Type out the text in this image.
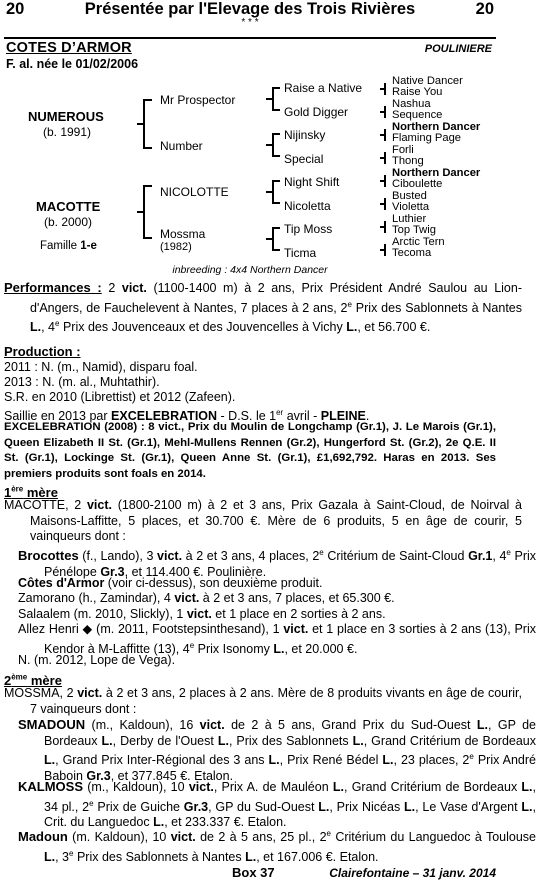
20	Présentée par l'Elevage des Trois Rivières	20
* * *
COTES D’ARMOR
F. al. née le 01/02/2006
POULINIERE
NUMEROUS
(b. 1991)
MACOTTE
(b. 2000)
Famille 1-e
Mr Prospector
Number
NICOLOTTE
Mossma
(1982)
Raise a Native
Gold Digger
Nijinsky
Special
Night Shift
Nicoletta
Tip Moss
Ticma
Native Dancer
Raise You
Nashua
Sequence
Northern Dancer
Flaming Page
Forli
Thong
Northern Dancer
Ciboulette
Busted
Violetta
Luthier
Top Twig
Arctic Tern
Tecoma
inbreeding : 4x4 Northern Dancer
Performances : 2 vict. (1100-1400 m) à 2 ans, Prix Président André Saulou au Lion-d'Angers, de Fauchelevent à Nantes, 7 places à 2 ans, 2e Prix des Sablonnets à Nantes L., 4e Prix des Jouvenceaux et des Jouvencelles à Vichy L., et 56.700 €.
Production :
2011 : N. (m., Namid), disparu foal.
2013 : N. (m. al., Muhtathir).
S.R. en 2010 (Librettist) et 2012 (Zafeen).
Saillie en 2013 par EXCELEBRATION - D.S. le 1er avril - PLEINE.
EXCELEBRATION (2008) : 8 vict., Prix du Moulin de Longchamp (Gr.1), J. Le Marois (Gr.1), Queen Elizabeth II St. (Gr.1), Mehl-Mullens Rennen (Gr.2), Hungerford St. (Gr.2), 2e Q.E. II St. (Gr.1), Lockinge St. (Gr.1), Queen Anne St. (Gr.1), £1,692,792. Haras en 2013. Ses premiers produits sont foals en 2014.
1ère mère
MACOTTE, 2 vict. (1800-2100 m) à 2 et 3 ans, Prix Gazala à Saint-Cloud, de Noirval à Maisons-Laffitte, 5 places, et 30.700 €. Mère de 6 produits, 5 en âge de courir, 5 vainqueurs dont :
Brocottes (f., Lando), 3 vict. à 2 et 3 ans, 4 places, 2e Critérium de Saint-Cloud Gr.1, 4e Prix Pénélope Gr.3, et 114.400 €. Poulinière.
Côtes d'Armor (voir ci-dessus), son deuxième produit.
Zamorano (h., Zamindar), 4 vict. à 2 et 3 ans, 7 places, et 65.300 €.
Salaalem (m. 2010, Slickly), 1 vict. et 1 place en 2 sorties à 2 ans.
Allez Henri ◆ (m. 2011, Footstepsinthesand), 1 vict. et 1 place en 3 sorties à 2 ans (13), Prix Kendor à M-Laffitte (13), 4e Prix Isonomy L., et 20.000 €.
N. (m. 2012, Lope de Vega).
2ème mère
MOSSMA, 2 vict. à 2 et 3 ans, 2 places à 2 ans. Mère de 8 produits vivants en âge de courir, 7 vainqueurs dont :
SMADOUN (m., Kaldoun), 16 vict. de 2 à 5 ans, Grand Prix du Sud-Ouest L., GP de Bordeaux L., Derby de l'Ouest L., Prix des Sablonnets L., Grand Critérium de Bordeaux L., Grand Prix Inter-Régional des 3 ans L., Prix René Bédel L., 23 places, 2e Prix André Baboin Gr.3, et 377.845 €. Etalon.
KALMOSS (m., Kaldoun), 10 vict., Prix A. de Mauléon L., Grand Critérium de Bordeaux L., 34 pl., 2e Prix de Guiche Gr.3, GP du Sud-Ouest L., Prix Nicéas L., Le Vase d'Argent L., Crit. du Languedoc L., et 233.337 €. Etalon.
Madoun (m. Kaldoun), 10 vict. de 2 à 5 ans, 25 pl., 2e Critérium du Languedoc à Toulouse L., 3e Prix des Sablonnets à Nantes L., et 167.006 €. Etalon.
Box 37	Clairefontaine – 31 janv. 2014
